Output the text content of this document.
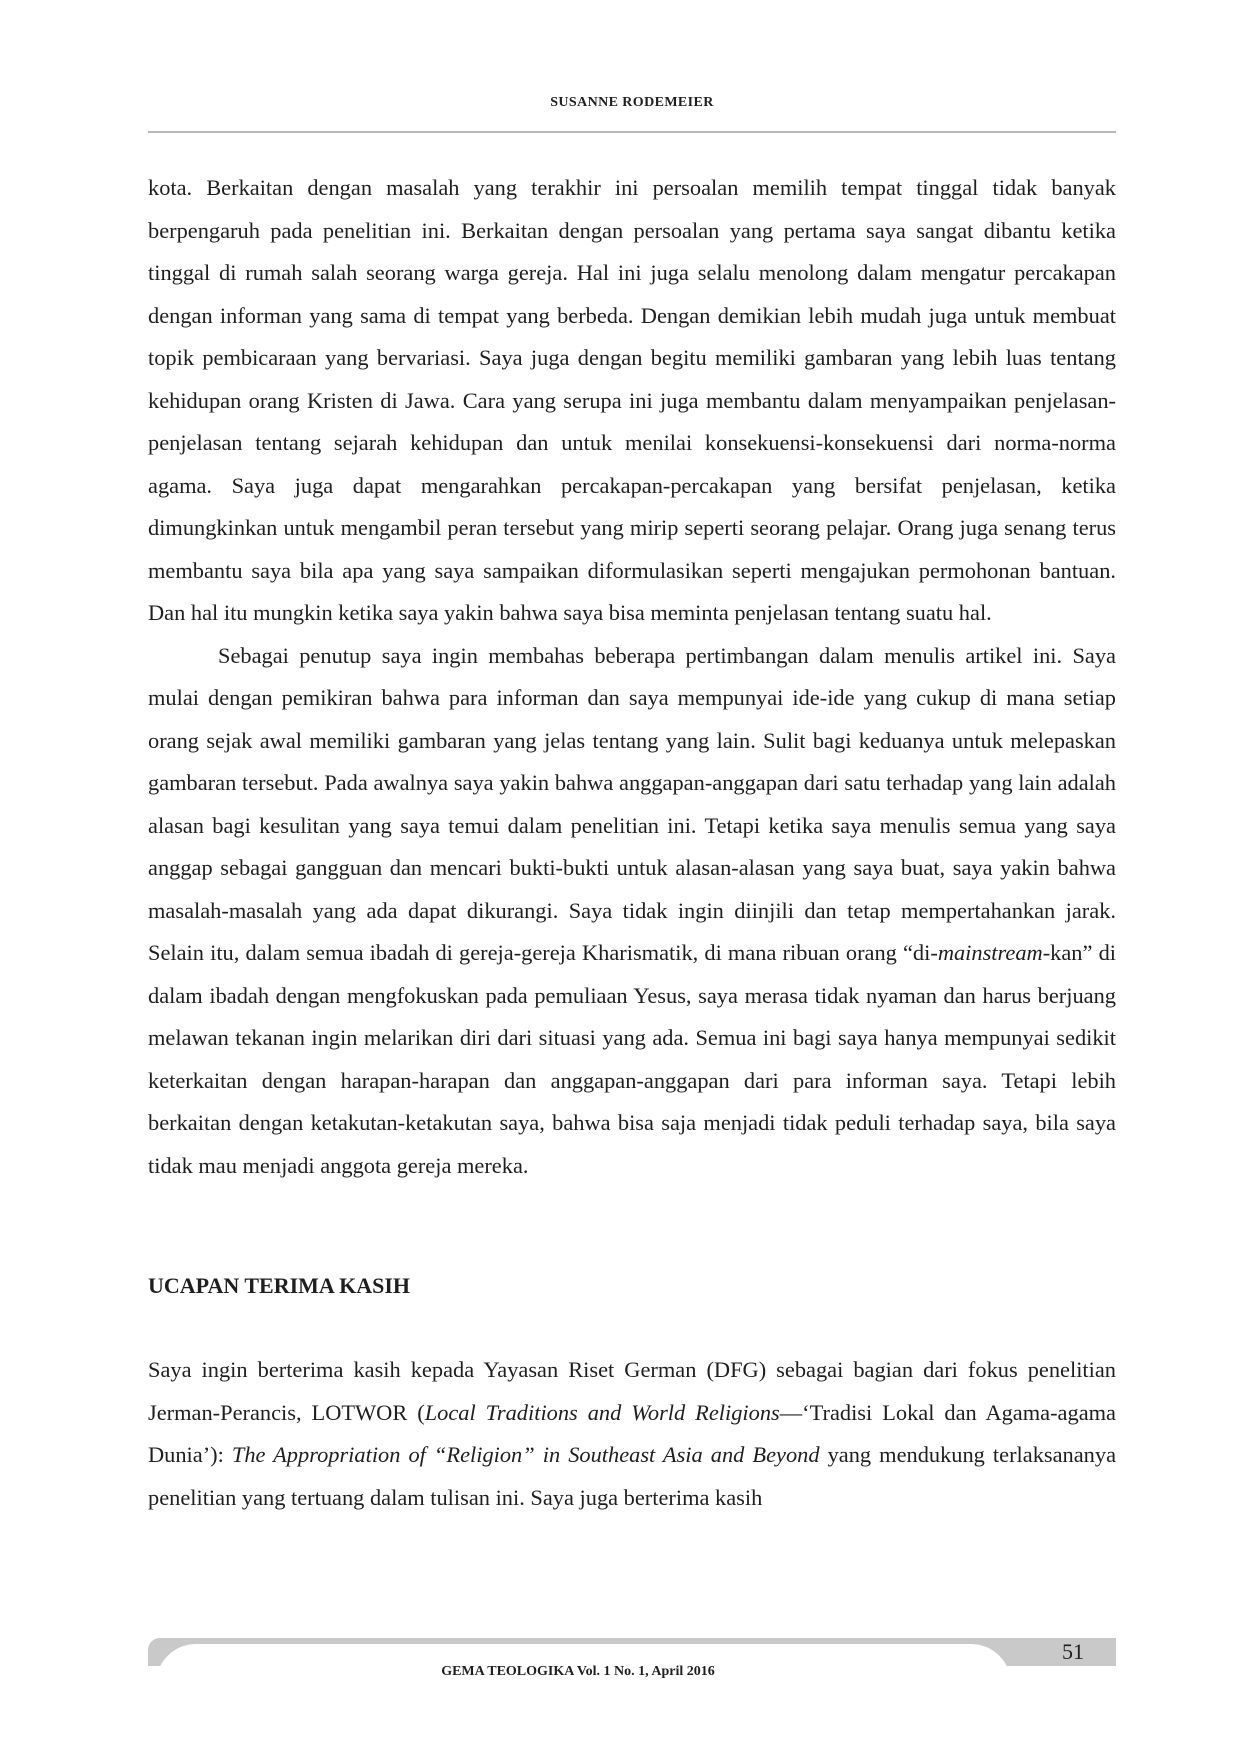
SUSANNE RODEMEIER

kota. Berkaitan dengan masalah yang terakhir ini persoalan memilih tempat tinggal tidak banyak berpengaruh pada penelitian ini. Berkaitan dengan persoalan yang pertama saya sangat dibantu ketika tinggal di rumah salah seorang warga gereja. Hal ini juga selalu menolong dalam mengatur percakapan dengan informan yang sama di tempat yang berbeda. Dengan demikian lebih mudah juga untuk membuat topik pembicaraan yang bervariasi. Saya juga dengan begitu memiliki gambaran yang lebih luas tentang kehidupan orang Kristen di Jawa. Cara yang serupa ini juga membantu dalam menyampaikan penjelasan-penjelasan tentang sejarah kehidupan dan untuk menilai konsekuensi-konsekuensi dari norma-norma agama. Saya juga dapat mengarahkan percakapan-percakapan yang bersifat penjelasan, ketika dimungkinkan untuk mengambil peran tersebut yang mirip seperti seorang pelajar. Orang juga senang terus membantu saya bila apa yang saya sampaikan diformulasikan seperti mengajukan permohonan bantuan. Dan hal itu mungkin ketika saya yakin bahwa saya bisa meminta penjelasan tentang suatu hal.

Sebagai penutup saya ingin membahas beberapa pertimbangan dalam menulis artikel ini. Saya mulai dengan pemikiran bahwa para informan dan saya mempunyai ide-ide yang cukup di mana setiap orang sejak awal memiliki gambaran yang jelas tentang yang lain. Sulit bagi keduanya untuk melepaskan gambaran tersebut. Pada awalnya saya yakin bahwa anggapan-anggapan dari satu terhadap yang lain adalah alasan bagi kesulitan yang saya temui dalam penelitian ini. Tetapi ketika saya menulis semua yang saya anggap sebagai gangguan dan mencari bukti-bukti untuk alasan-alasan yang saya buat, saya yakin bahwa masalah-masalah yang ada dapat dikurangi. Saya tidak ingin diinjili dan tetap mempertahankan jarak. Selain itu, dalam semua ibadah di gereja-gereja Kharismatik, di mana ribuan orang “di-mainstream-kan” di dalam ibadah dengan mengfokuskan pada pemuliaan Yesus, saya merasa tidak nyaman dan harus berjuang melawan tekanan ingin melarikan diri dari situasi yang ada. Semua ini bagi saya hanya mempunyai sedikit keterkaitan dengan harapan-harapan dan anggapan-anggapan dari para informan saya. Tetapi lebih berkaitan dengan ketakutan-ketakutan saya, bahwa bisa saja menjadi tidak peduli terhadap saya, bila saya tidak mau menjadi anggota gereja mereka.

UCAPAN TERIMA KASIH

Saya ingin berterima kasih kepada Yayasan Riset German (DFG) sebagai bagian dari fokus penelitian Jerman-Perancis, LOTWOR (Local Traditions and World Religions—‘Tradisi Lokal dan Agama-agama Dunia’): The Appropriation of “Religion” in Southeast Asia and Beyond yang mendukung terlaksananya penelitian yang tertuang dalam tulisan ini. Saya juga berterima kasih

GEMA TEOLOGIKA Vol. 1 No. 1, April 2016
51
